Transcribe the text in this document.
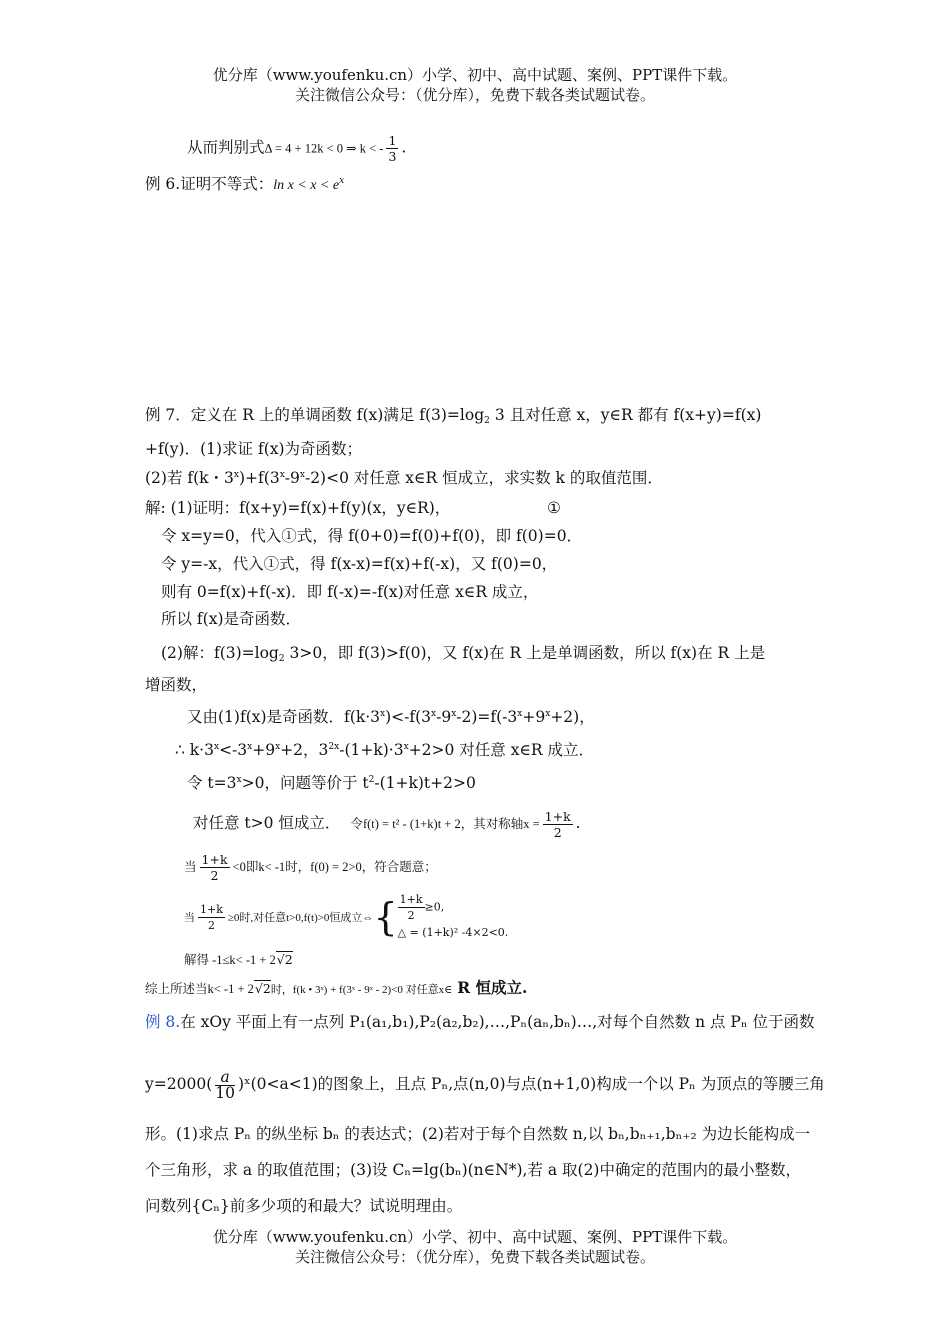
优分库（www.youfenku.cn）小学、初中、高中试题、案例、PPT课件下载。
关注微信公众号：（优分库），免费下载各类试题试卷。
从而判别式Δ = 4 + 12k < 0 ⇒ k < - $\frac{1}{3}$ .
例 6.证明不等式：$\ln x < x < e^x$
例 7．定义在 R 上的单调函数 f(x)满足 $f(3)=\log_2$ 3 且对任意 x，y∈R 都有 f(x+y)=f(x)
+f(y)．(1)求证 f(x)为奇函数；
(2)若 f(k・$3^x)+f(3^x-9^x-2)<0$ 对任意 x∈R 恒成立，求实数 k 的取值范围．
解: (1)证明：f(x+y)=f(x)+f(y)(x，y∈R)，	①
令 x=y=0，代入①式，得 f(0+0)=f(0)+f(0)，即 f(0)=0．
令 y=-x，代入①式，得 f(x-x)=f(x)+f(-x)，又 f(0)=0，
则有 0=f(x)+f(-x)．即 f(-x)=-f(x)对任意 x∈R 成立，
所以 f(x)是奇函数．
(2)解：$f(3)=\log_2$ 3>0，即 f(3)>f(0)，又 f(x)在 R 上是单调函数，所以 f(x)在 R 上是
增函数，
又由(1)f(x)是奇函数．$f(k\cdot 3^x)<-f(3^x-9^x-2)=f(-3^x+9^x+2)$，
∴ $k\cdot 3^x<-3^x+9^x+2$，$3^{2x}-(1+k)\cdot 3^x+2>0$ 对任意 x∈R 成立．
令 $t=3^x>0$，问题等价于 $t^2-(1+k)t+2>0$
对任意 t>0 恒成立． 令f(t) = t² - (1+k)t + 2，其对称轴$x = \frac{1+k}{2}$ .
当 $\frac{1+k}{2} <0$即k< -1时，f(0) = 2>0，符合题意；
当 $\frac{1+k}{2} \ge 0$时,对任意t>0,f(t)>0恒成立⇔{ $\frac{1+k}{2} \ge 0$,
△ = (1+k)² -4×2<0.
解得 -1≤k< -1 + 2√2
综上所述当k< -1 + 2√2时，f(k • 3ˣ) + f(3ˣ - 9ˣ - 2)<0 对任意x∈ R 恒成立.
例 8.在 xOy 平面上有一点列 P₁(a₁,b₁),P₂(a₂,b₂),…,Pₙ(aₙ,bₙ)…,对每个自然数 n 点 Pₙ 位于函数
$y=2000( \frac{a}{10}$ )ˣ(0<a<1)的图象上，且点 Pₙ,点(n,0)与点(n+1,0)构成一个以 Pₙ 为顶点的等腰三角
形。(1)求点 Pₙ 的纵坐标 bₙ 的表达式；(2)若对于每个自然数 n,以 bₙ,bₙ₊₁,bₙ₊₂ 为边长能构成一
个三角形，求 a 的取值范围；(3)设 Cₙ=lg(bₙ)(n∈N*),若 a 取(2)中确定的范围内的最小整数，
问数列{Cₙ}前多少项的和最大？试说明理由。
优分库（www.youfenku.cn）小学、初中、高中试题、案例、PPT课件下载。
关注微信公众号：（优分库），免费下载各类试题试卷。
